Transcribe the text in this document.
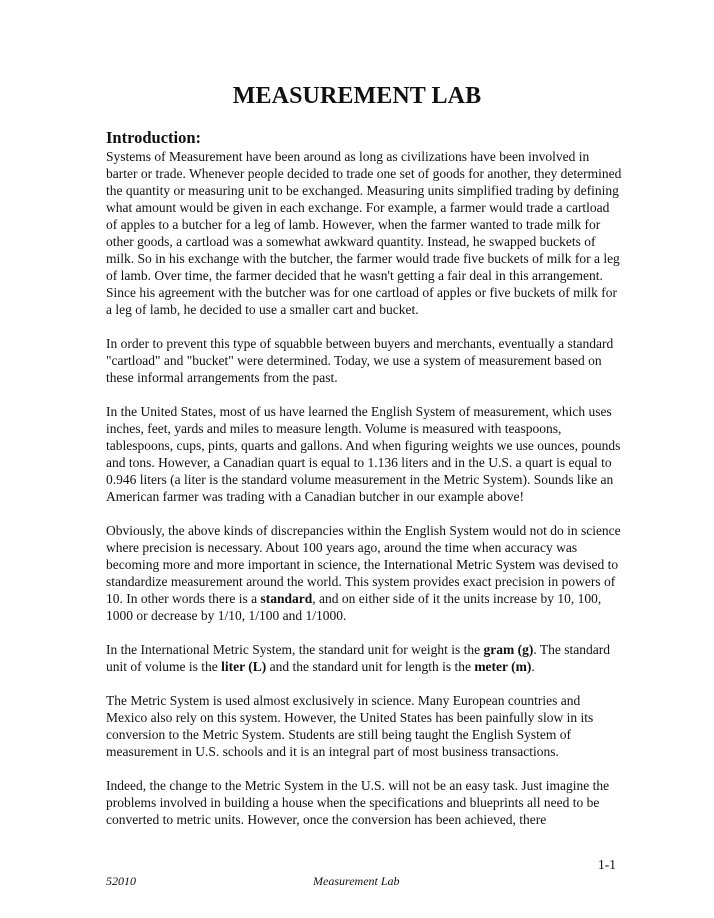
MEASUREMENT LAB
Introduction:

Systems of Measurement have been around as long as civilizations have been involved in barter or trade. Whenever people decided to trade one set of goods for another, they determined the quantity or measuring unit to be exchanged. Measuring units simplified trading by defining what amount would be given in each exchange. For example, a farmer would trade a cartload of apples to a butcher for a leg of lamb. However, when the farmer wanted to trade milk for other goods, a cartload was a somewhat awkward quantity. Instead, he swapped buckets of milk. So in his exchange with the butcher, the farmer would trade five buckets of milk for a leg of lamb. Over time, the farmer decided that he wasn't getting a fair deal in this arrangement. Since his agreement with the butcher was for one cartload of apples or five buckets of milk for a leg of lamb, he decided to use a smaller cart and bucket.

In order to prevent this type of squabble between buyers and merchants, eventually a standard "cartload" and "bucket" were determined. Today, we use a system of measurement based on these informal arrangements from the past.

In the United States, most of us have learned the English System of measurement, which uses inches, feet, yards and miles to measure length. Volume is measured with teaspoons, tablespoons, cups, pints, quarts and gallons. And when figuring weights we use ounces, pounds and tons. However, a Canadian quart is equal to 1.136 liters and in the U.S. a quart is equal to 0.946 liters (a liter is the standard volume measurement in the Metric System). Sounds like an American farmer was trading with a Canadian butcher in our example above!

Obviously, the above kinds of discrepancies within the English System would not do in science where precision is necessary. About 100 years ago, around the time when accuracy was becoming more and more important in science, the International Metric System was devised to standardize measurement around the world. This system provides exact precision in powers of 10. In other words there is a standard, and on either side of it the units increase by 10, 100, 1000 or decrease by 1/10, 1/100 and 1/1000.

In the International Metric System, the standard unit for weight is the gram (g). The standard unit of volume is the liter (L) and the standard unit for length is the meter (m).

The Metric System is used almost exclusively in science. Many European countries and Mexico also rely on this system. However, the United States has been painfully slow in its conversion to the Metric System. Students are still being taught the English System of measurement in U.S. schools and it is an integral part of most business transactions.

Indeed, the change to the Metric System in the U.S. will not be an easy task. Just imagine the problems involved in building a house when the specifications and blueprints all need to be converted to metric units. However, once the conversion has been achieved, there

1-1
52010	Measurement Lab
